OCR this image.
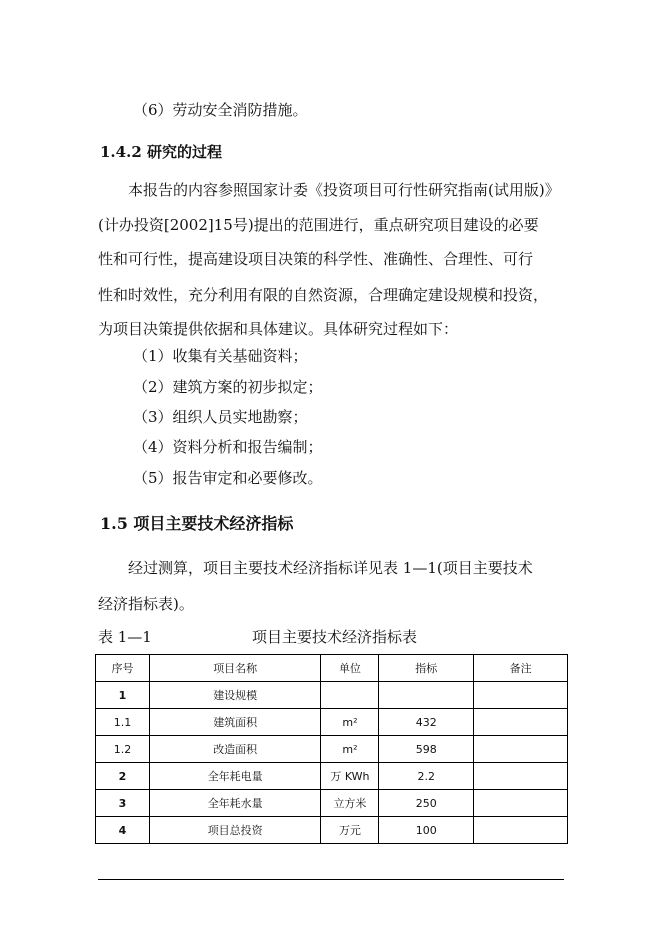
（6）劳动安全消防措施。
1.4.2 研究的过程
本报告的内容参照国家计委《投资项目可行性研究指南(试用版)》
(计办投资[2002]15号)提出的范围进行，重点研究项目建设的必要
性和可行性，提高建设项目决策的科学性、准确性、合理性、可行
性和时效性，充分利用有限的自然资源，合理确定建设规模和投资，
为项目决策提供依据和具体建议。具体研究过程如下：
（1）收集有关基础资料；
（2）建筑方案的初步拟定；
（3）组织人员实地勘察；
（4）资料分析和报告编制；
（5）报告审定和必要修改。
1.5 项目主要技术经济指标
经过测算，项目主要技术经济指标详见表 1—1(项目主要技术
经济指标表)。
表 1—1	项目主要技术经济指标表
序号	项目名称	单位	指标	备注
1	建设规模			
1.1	建筑面积	m²	432	
1.2	改造面积	m²	598	
2	全年耗电量	万 KWh	2.2	
3	全年耗水量	立方米	250	
4	项目总投资	万元	100	
